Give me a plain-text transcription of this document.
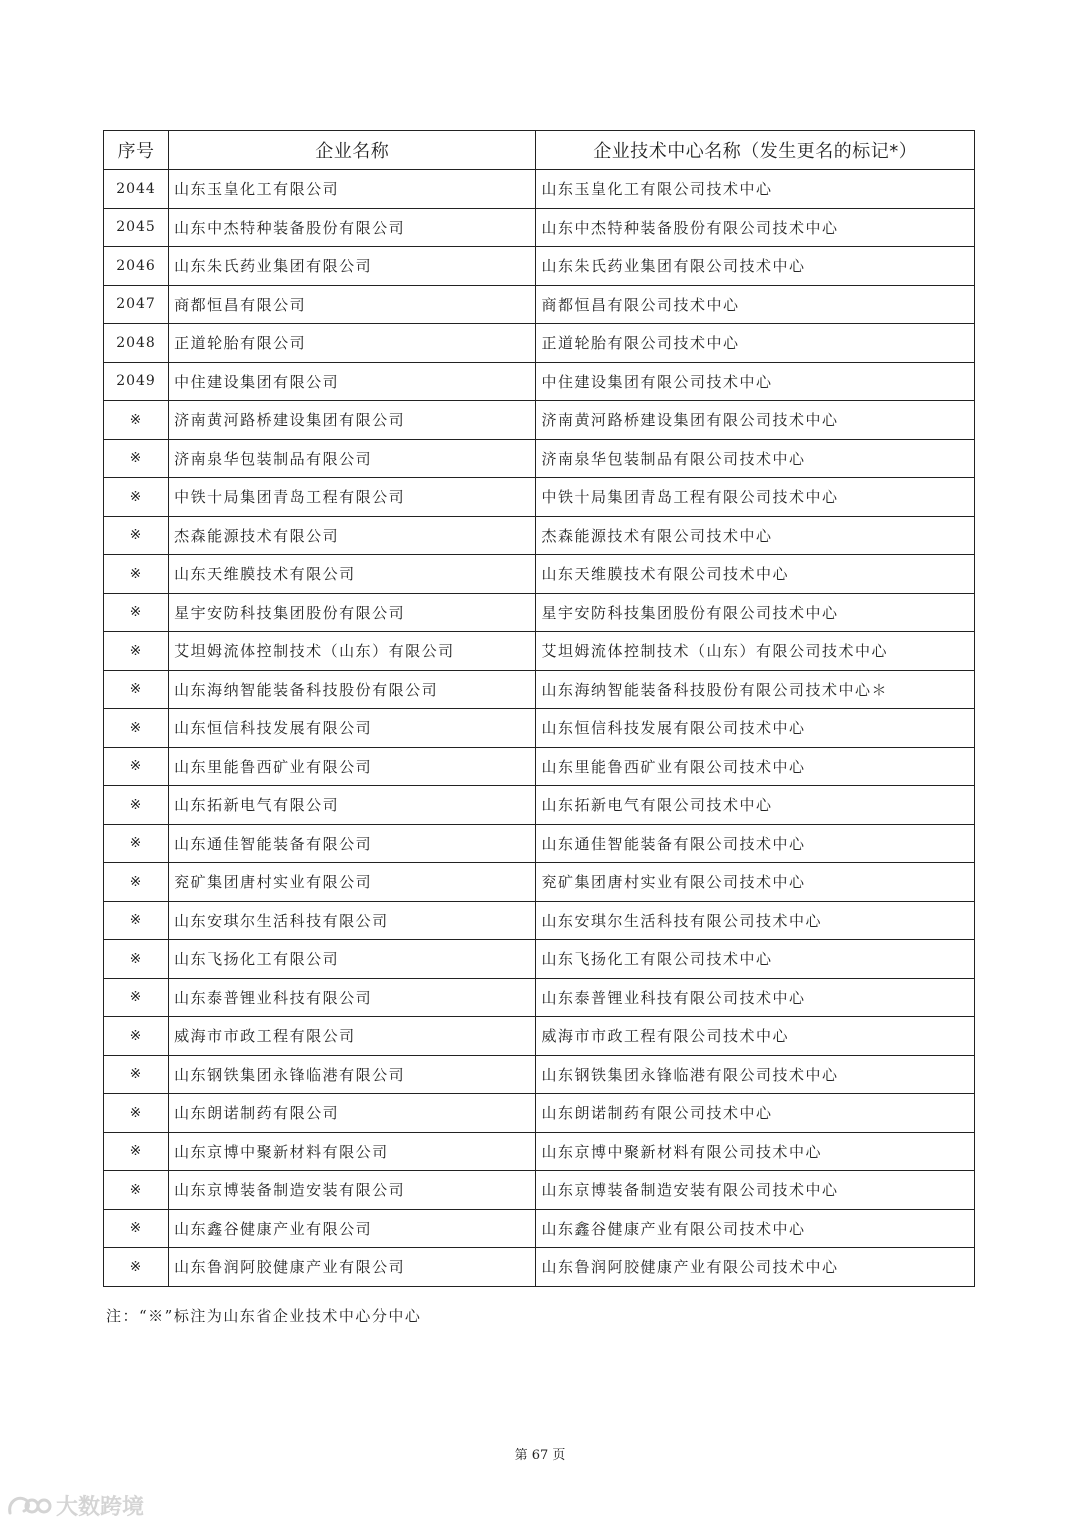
序号	企业名称	企业技术中心名称（发生更名的标记*）
2044	山东玉皇化工有限公司	山东玉皇化工有限公司技术中心
2045	山东中杰特种装备股份有限公司	山东中杰特种装备股份有限公司技术中心
2046	山东朱氏药业集团有限公司	山东朱氏药业集团有限公司技术中心
2047	商都恒昌有限公司	商都恒昌有限公司技术中心
2048	正道轮胎有限公司	正道轮胎有限公司技术中心
2049	中住建设集团有限公司	中住建设集团有限公司技术中心
※	济南黄河路桥建设集团有限公司	济南黄河路桥建设集团有限公司技术中心
※	济南泉华包装制品有限公司	济南泉华包装制品有限公司技术中心
※	中铁十局集团青岛工程有限公司	中铁十局集团青岛工程有限公司技术中心
※	杰森能源技术有限公司	杰森能源技术有限公司技术中心
※	山东天维膜技术有限公司	山东天维膜技术有限公司技术中心
※	星宇安防科技集团股份有限公司	星宇安防科技集团股份有限公司技术中心
※	艾坦姆流体控制技术（山东）有限公司	艾坦姆流体控制技术（山东）有限公司技术中心
※	山东海纳智能装备科技股份有限公司	山东海纳智能装备科技股份有限公司技术中心＊
※	山东恒信科技发展有限公司	山东恒信科技发展有限公司技术中心
※	山东里能鲁西矿业有限公司	山东里能鲁西矿业有限公司技术中心
※	山东拓新电气有限公司	山东拓新电气有限公司技术中心
※	山东通佳智能装备有限公司	山东通佳智能装备有限公司技术中心
※	兖矿集团唐村实业有限公司	兖矿集团唐村实业有限公司技术中心
※	山东安琪尔生活科技有限公司	山东安琪尔生活科技有限公司技术中心
※	山东飞扬化工有限公司	山东飞扬化工有限公司技术中心
※	山东泰普锂业科技有限公司	山东泰普锂业科技有限公司技术中心
※	威海市市政工程有限公司	威海市市政工程有限公司技术中心
※	山东钢铁集团永锋临港有限公司	山东钢铁集团永锋临港有限公司技术中心
※	山东朗诺制药有限公司	山东朗诺制药有限公司技术中心
※	山东京博中聚新材料有限公司	山东京博中聚新材料有限公司技术中心
※	山东京博装备制造安装有限公司	山东京博装备制造安装有限公司技术中心
※	山东鑫谷健康产业有限公司	山东鑫谷健康产业有限公司技术中心
※	山东鲁润阿胶健康产业有限公司	山东鲁润阿胶健康产业有限公司技术中心
注：“※”标注为山东省企业技术中心分中心
第 67 页
大数跨境
